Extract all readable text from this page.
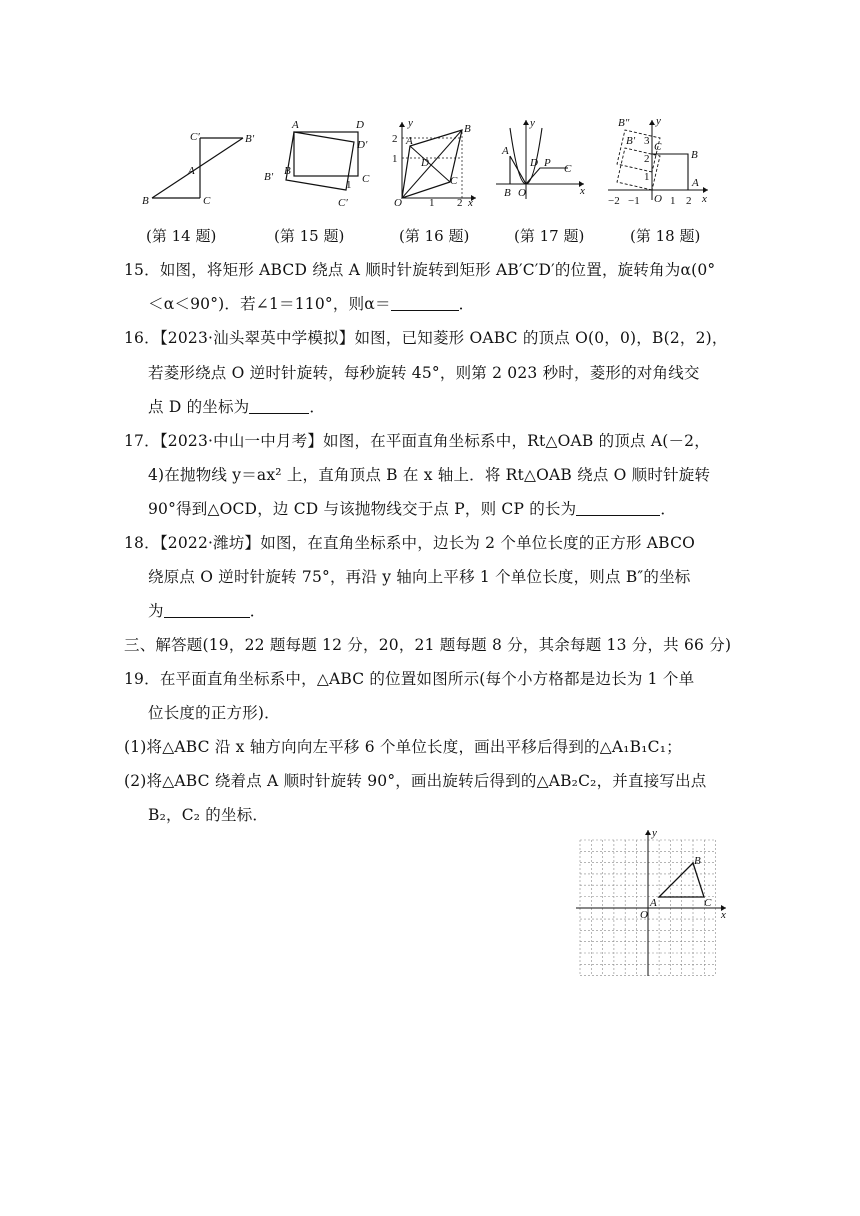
C′	B′
A
B	C
A	D
D′
B′ B
C
1
C′
y
2
1
A
D
B
C
O 1 2 x
y
A
D P C
B O	x
B″ y
B′ 3 C
2	B
1	A
−2 −1 O 1 2 x
(第 14 题)	(第 15 题)	(第 16 题)	(第 17 题)	(第 18 题)
15．如图，将矩形 ABCD 绕点 A 顺时针旋转到矩形 AB′C′D′的位置，旋转角为α(0°
＜α＜90°)．若∠1＝110°，则α＝	．
16．【2023·汕头翠英中学模拟】如图，已知菱形 OABC 的顶点 O(0，0)，B(2，2)，
若菱形绕点 O 逆时针旋转，每秒旋转 45°，则第 2 023 秒时，菱形的对角线交
点 D 的坐标为	．
17．【2023·中山一中月考】如图，在平面直角坐标系中，Rt△OAB 的顶点 A(－2，
4)在抛物线 y＝ax² 上，直角顶点 B 在 x 轴上．将 Rt△OAB 绕点 O 顺时针旋转
90°得到△OCD，边 CD 与该抛物线交于点 P，则 CP 的长为	．
18．【2022·潍坊】如图，在直角坐标系中，边长为 2 个单位长度的正方形 ABCO
绕原点 O 逆时针旋转 75°，再沿 y 轴向上平移 1 个单位长度，则点 B″的坐标
为	．
三、解答题(19，22 题每题 12 分，20，21 题每题 8 分，其余每题 13 分，共 66 分)
19．在平面直角坐标系中，△ABC 的位置如图所示(每个小方格都是边长为 1 个单
位长度的正方形)．
(1)将△ABC 沿 x 轴方向向左平移 6 个单位长度，画出平移后得到的△A₁B₁C₁；
(2)将△ABC 绕着点 A 顺时针旋转 90°，画出旋转后得到的△AB₂C₂，并直接写出点
B₂，C₂ 的坐标．
y
B
A
O
C
x
